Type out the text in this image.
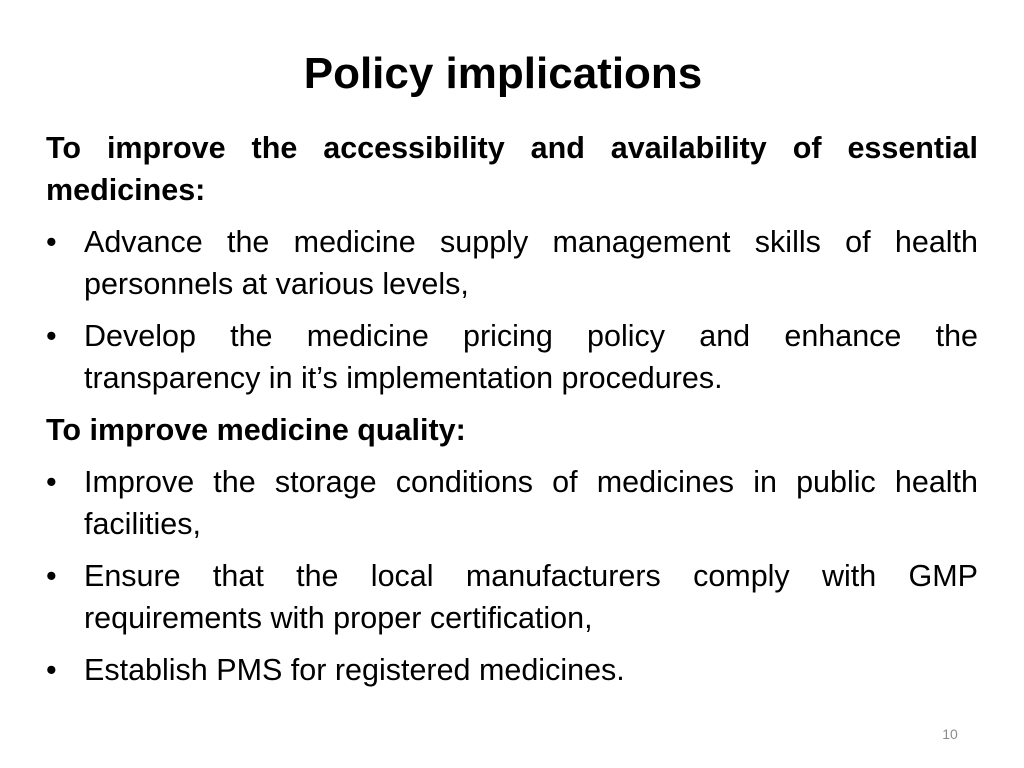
Policy implications

To improve the accessibility and availability of essential medicines:

• Advance the medicine supply management skills of health personnels at various levels,
• Develop the medicine pricing policy and enhance the transparency in it’s implementation procedures.

To improve medicine quality:

• Improve the storage conditions of medicines in public health facilities,
• Ensure that the local manufacturers comply with GMP requirements with proper certification,
• Establish PMS for registered medicines.
10
